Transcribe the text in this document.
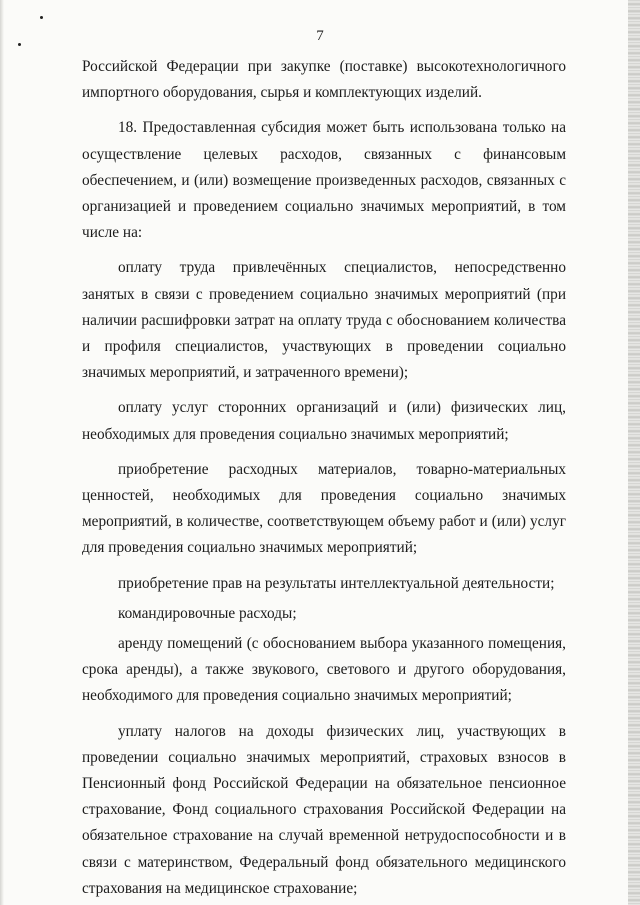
7

Российской Федерации при закупке (поставке) высокотехнологичного импортного оборудования, сырья и комплектующих изделий.

18. Предоставленная субсидия может быть использована только на осуществление целевых расходов, связанных с финансовым обеспечением, и (или) возмещение произведенных расходов, связанных с организацией и проведением социально значимых мероприятий, в том числе на:

оплату труда привлечённых специалистов, непосредственно занятых в связи с проведением социально значимых мероприятий (при наличии расшифровки затрат на оплату труда с обоснованием количества и профиля специалистов, участвующих в проведении социально значимых мероприятий, и затраченного времени);

оплату услуг сторонних организаций и (или) физических лиц, необходимых для проведения социально значимых мероприятий;

приобретение расходных материалов, товарно-материальных ценностей, необходимых для проведения социально значимых мероприятий, в количестве, соответствующем объему работ и (или) услуг для проведения социально значимых мероприятий;

приобретение прав на результаты интеллектуальной деятельности;

командировочные расходы;

аренду помещений (с обоснованием выбора указанного помещения, срока аренды), а также звукового, светового и другого оборудования, необходимого для проведения социально значимых мероприятий;

уплату налогов на доходы физических лиц, участвующих в проведении социально значимых мероприятий, страховых взносов в Пенсионный фонд Российской Федерации на обязательное пенсионное страхование, Фонд социального страхования Российской Федерации на обязательное страхование на случай временной нетрудоспособности и в связи с материнством, Федеральный фонд обязательного медицинского страхования на медицинское страхование;
